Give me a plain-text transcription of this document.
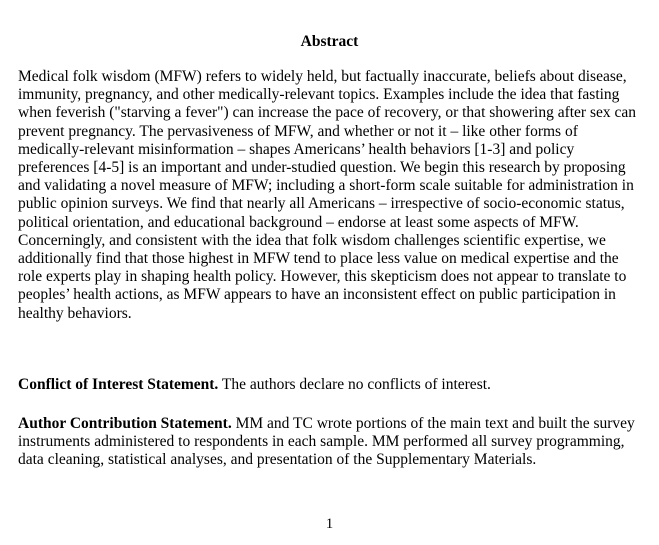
Abstract

Medical folk wisdom (MFW) refers to widely held, but factually inaccurate, beliefs about disease, immunity, pregnancy, and other medically-relevant topics. Examples include the idea that fasting when feverish ("starving a fever") can increase the pace of recovery, or that showering after sex can prevent pregnancy. The pervasiveness of MFW, and whether or not it – like other forms of medically-relevant misinformation – shapes Americans’ health behaviors [1-3] and policy preferences [4-5] is an important and under-studied question. We begin this research by proposing and validating a novel measure of MFW; including a short-form scale suitable for administration in public opinion surveys. We find that nearly all Americans – irrespective of socio-economic status, political orientation, and educational background – endorse at least some aspects of MFW. Concerningly, and consistent with the idea that folk wisdom challenges scientific expertise, we additionally find that those highest in MFW tend to place less value on medical expertise and the role experts play in shaping health policy. However, this skepticism does not appear to translate to peoples’ health actions, as MFW appears to have an inconsistent effect on public participation in healthy behaviors.

Conflict of Interest Statement. The authors declare no conflicts of interest.

Author Contribution Statement. MM and TC wrote portions of the main text and built the survey instruments administered to respondents in each sample. MM performed all survey programming, data cleaning, statistical analyses, and presentation of the Supplementary Materials.

1
